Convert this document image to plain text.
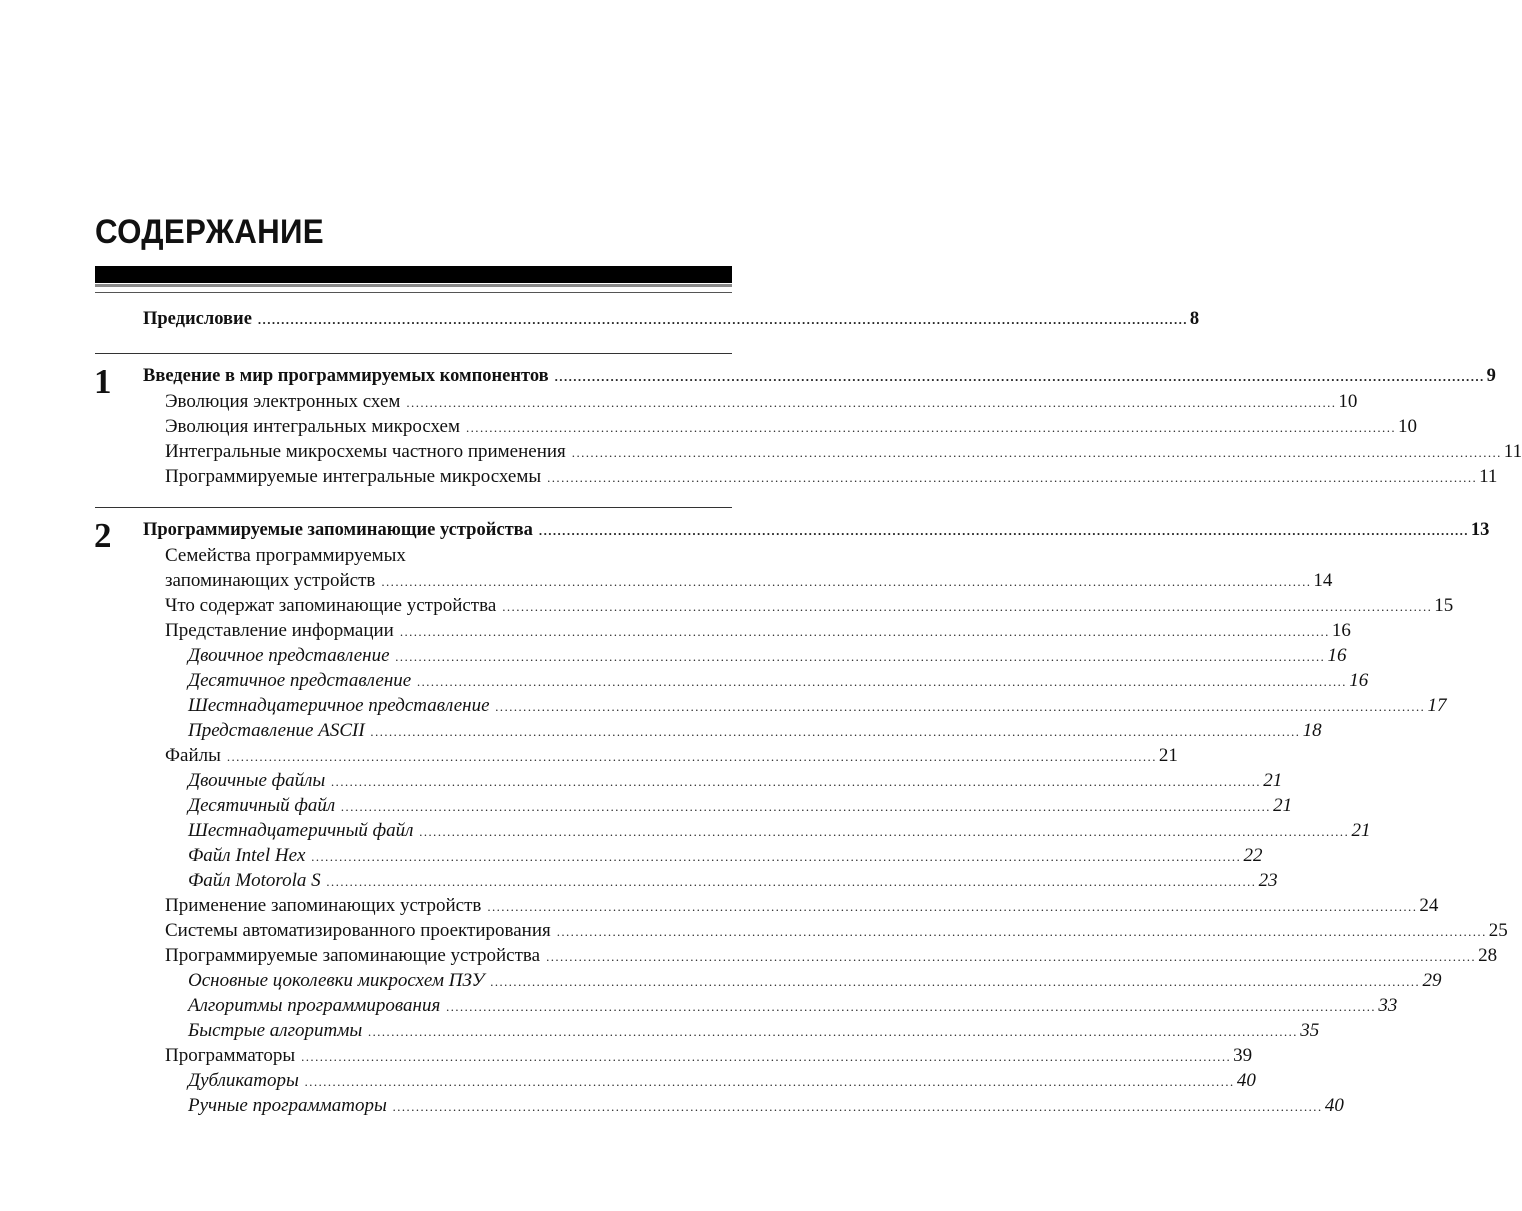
СОДЕРЖАНИЕ
Предисловие ........................................................................................................................................................................................................ 8
1 Введение в мир программируемых компонентов ........................................................................................................................................................................................................ 9
Эволюция электронных схем ........................................................................................................................................................................................................ 10
Эволюция интегральных микросхем ........................................................................................................................................................................................................ 10
Интегральные микросхемы частного применения ........................................................................................................................................................................................................ 11
Программируемые интегральные микросхемы ........................................................................................................................................................................................................ 11
2 Программируемые запоминающие устройства ........................................................................................................................................................................................................ 13
Семейства программируемых
запоминающих устройств ........................................................................................................................................................................................................ 14
Что содержат запоминающие устройства ........................................................................................................................................................................................................ 15
Представление информации ........................................................................................................................................................................................................ 16
Двоичное представление ........................................................................................................................................................................................................ 16
Десятичное представление ........................................................................................................................................................................................................ 16
Шестнадцатеричное представление ........................................................................................................................................................................................................ 17
Представление ASCII ........................................................................................................................................................................................................ 18
Файлы ........................................................................................................................................................................................................ 21
Двоичные файлы ........................................................................................................................................................................................................ 21
Десятичный файл ........................................................................................................................................................................................................ 21
Шестнадцатеричный файл ........................................................................................................................................................................................................ 21
Файл Intel Hex ........................................................................................................................................................................................................ 22
Файл Motorola S ........................................................................................................................................................................................................ 23
Применение запоминающих устройств ........................................................................................................................................................................................................ 24
Системы автоматизированного проектирования ........................................................................................................................................................................................................ 25
Программируемые запоминающие устройства ........................................................................................................................................................................................................ 28
Основные цоколевки микросхем ПЗУ ........................................................................................................................................................................................................ 29
Алгоритмы программирования ........................................................................................................................................................................................................ 33
Быстрые алгоритмы ........................................................................................................................................................................................................ 35
Программаторы ........................................................................................................................................................................................................ 39
Дубликаторы ........................................................................................................................................................................................................ 40
Ручные программаторы ........................................................................................................................................................................................................ 40
